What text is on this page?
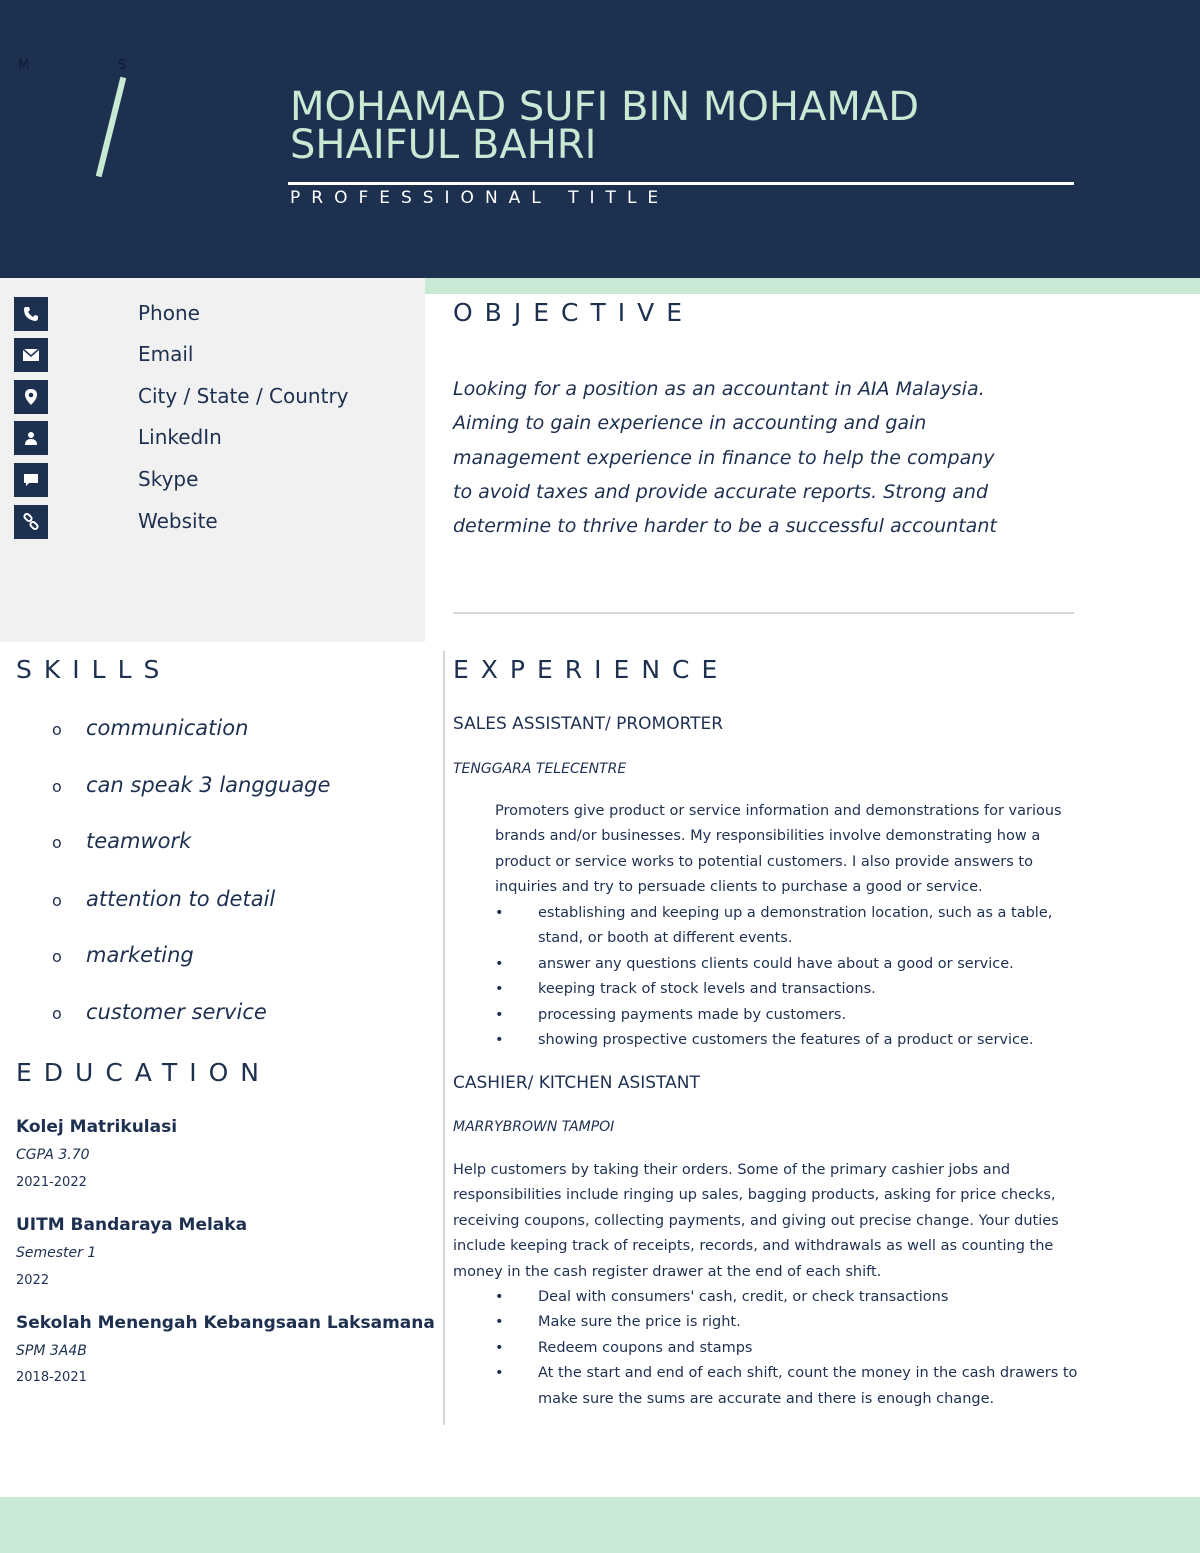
M	S
MOHAMAD SUFI BIN MOHAMAD SHAIFUL BAHRI
PROFESSIONAL TITLE
Phone
Email
City / State / Country
LinkedIn
Skype
Website
OBJECTIVE
Looking for a position as an accountant in AIA Malaysia. Aiming to gain experience in accounting and gain management experience in finance to help the company to avoid taxes and provide accurate reports. Strong and determine to thrive harder to be a successful accountant
SKILLS
o communication
o can speak 3 langguage
o teamwork
o attention to detail
o marketing
o customer service
EDUCATION
Kolej Matrikulasi
CGPA 3.70
2021-2022
UITM Bandaraya Melaka
Semester 1
2022
Sekolah Menengah Kebangsaan Laksamana
SPM 3A4B
2018-2021
EXPERIENCE
SALES ASSISTANT/ PROMORTER
TENGGARA TELECENTRE
Promoters give product or service information and demonstrations for various brands and/or businesses. My responsibilities involve demonstrating how a product or service works to potential customers. I also provide answers to inquiries and try to persuade clients to purchase a good or service.
• establishing and keeping up a demonstration location, such as a table, stand, or booth at different events.
• answer any questions clients could have about a good or service.
• keeping track of stock levels and transactions.
• processing payments made by customers.
• showing prospective customers the features of a product or service.
CASHIER/ KITCHEN ASISTANT
MARRYBROWN TAMPOI
Help customers by taking their orders. Some of the primary cashier jobs and responsibilities include ringing up sales, bagging products, asking for price checks, receiving coupons, collecting payments, and giving out precise change. Your duties include keeping track of receipts, records, and withdrawals as well as counting the money in the cash register drawer at the end of each shift.
• Deal with consumers' cash, credit, or check transactions
• Make sure the price is right.
• Redeem coupons and stamps
• At the start and end of each shift, count the money in the cash drawers to make sure the sums are accurate and there is enough change.
